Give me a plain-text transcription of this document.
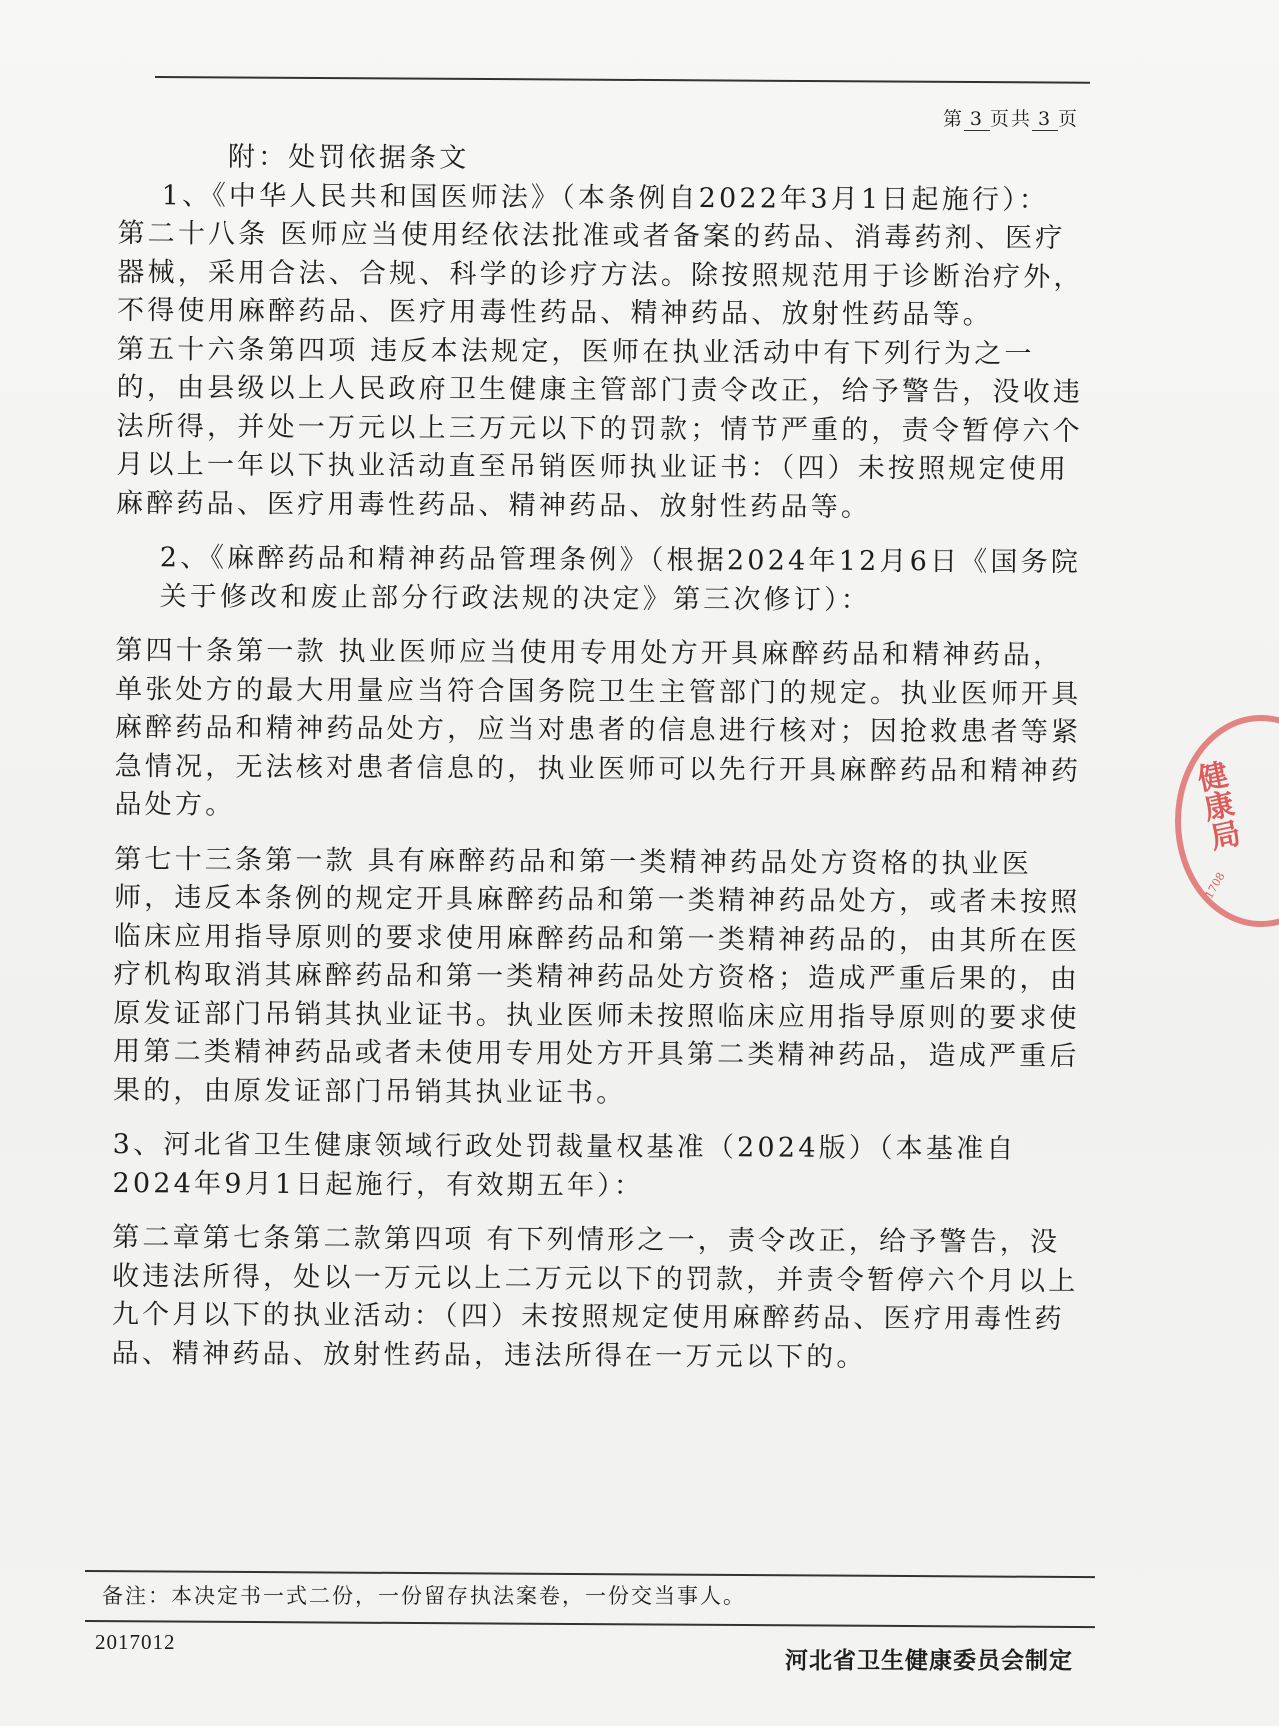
第 3 页共 3 页

附：处罚依据条文

1、《中华人民共和国医师法》（本条例自2022年3月1日起施行）：

第二十八条 医师应当使用经依法批准或者备案的药品、消毒药剂、医疗器械，采用合法、合规、科学的诊疗方法。除按照规范用于诊断治疗外，不得使用麻醉药品、医疗用毒性药品、精神药品、放射性药品等。

第五十六条第四项 违反本法规定，医师在执业活动中有下列行为之一的，由县级以上人民政府卫生健康主管部门责令改正，给予警告，没收违法所得，并处一万元以上三万元以下的罚款；情节严重的，责令暂停六个月以上一年以下执业活动直至吊销医师执业证书：（四）未按照规定使用麻醉药品、医疗用毒性药品、精神药品、放射性药品等。

2、《麻醉药品和精神药品管理条例》（根据2024年12月6日《国务院关于修改和废止部分行政法规的决定》第三次修订）：

第四十条第一款 执业医师应当使用专用处方开具麻醉药品和精神药品，单张处方的最大用量应当符合国务院卫生主管部门的规定。执业医师开具麻醉药品和精神药品处方，应当对患者的信息进行核对；因抢救患者等紧急情况，无法核对患者信息的，执业医师可以先行开具麻醉药品和精神药品处方。

第七十三条第一款 具有麻醉药品和第一类精神药品处方资格的执业医师，违反本条例的规定开具麻醉药品和第一类精神药品处方，或者未按照临床应用指导原则的要求使用麻醉药品和第一类精神药品的，由其所在医疗机构取消其麻醉药品和第一类精神药品处方资格；造成严重后果的，由原发证部门吊销其执业证书。执业医师未按照临床应用指导原则的要求使用第二类精神药品或者未使用专用处方开具第二类精神药品，造成严重后果的，由原发证部门吊销其执业证书。

3、河北省卫生健康领域行政处罚裁量权基准（2024版）（本基准自2024年9月1日起施行，有效期五年）：

第二章第七条第二款第四项 有下列情形之一，责令改正，给予警告，没收违法所得，处以一万元以上二万元以下的罚款，并责令暂停六个月以上九个月以下的执业活动：（四）未按照规定使用麻醉药品、医疗用毒性药品、精神药品、放射性药品，违法所得在一万元以下的。

健康局
1708
备注：本决定书一式二份，一份留存执法案卷，一份交当事人。
2017012
河北省卫生健康委员会制定
